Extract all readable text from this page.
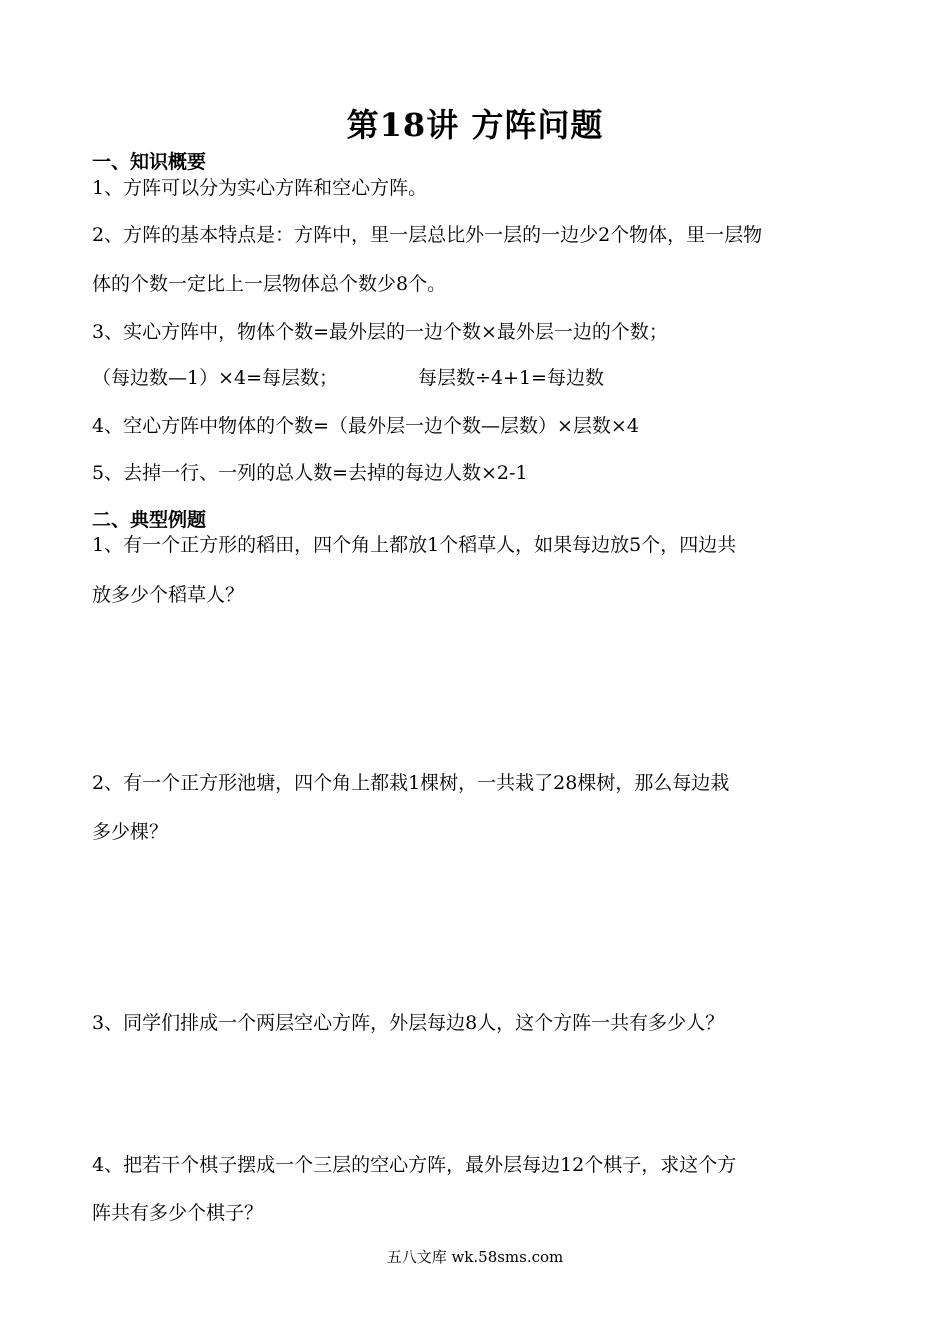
第18讲 方阵问题
一、知识概要
1、方阵可以分为实心方阵和空心方阵。
2、方阵的基本特点是：方阵中，里一层总比外一层的一边少2个物体，里一层物
体的个数一定比上一层物体总个数少8个。
3、实心方阵中，物体个数=最外层的一边个数×最外层一边的个数；
（每边数—1）×4=每层数；	每层数÷4+1=每边数
4、空心方阵中物体的个数=（最外层一边个数—层数）×层数×4
5、去掉一行、一列的总人数=去掉的每边人数×2-1
二、典型例题
1、有一个正方形的稻田，四个角上都放1个稻草人，如果每边放5个，四边共
放多少个稻草人？
2、有一个正方形池塘，四个角上都栽1棵树，一共栽了28棵树，那么每边栽
多少棵？
3、同学们排成一个两层空心方阵，外层每边8人，这个方阵一共有多少人？
4、把若干个棋子摆成一个三层的空心方阵，最外层每边12个棋子，求这个方
阵共有多少个棋子？
五八文库 wk.58sms.com
